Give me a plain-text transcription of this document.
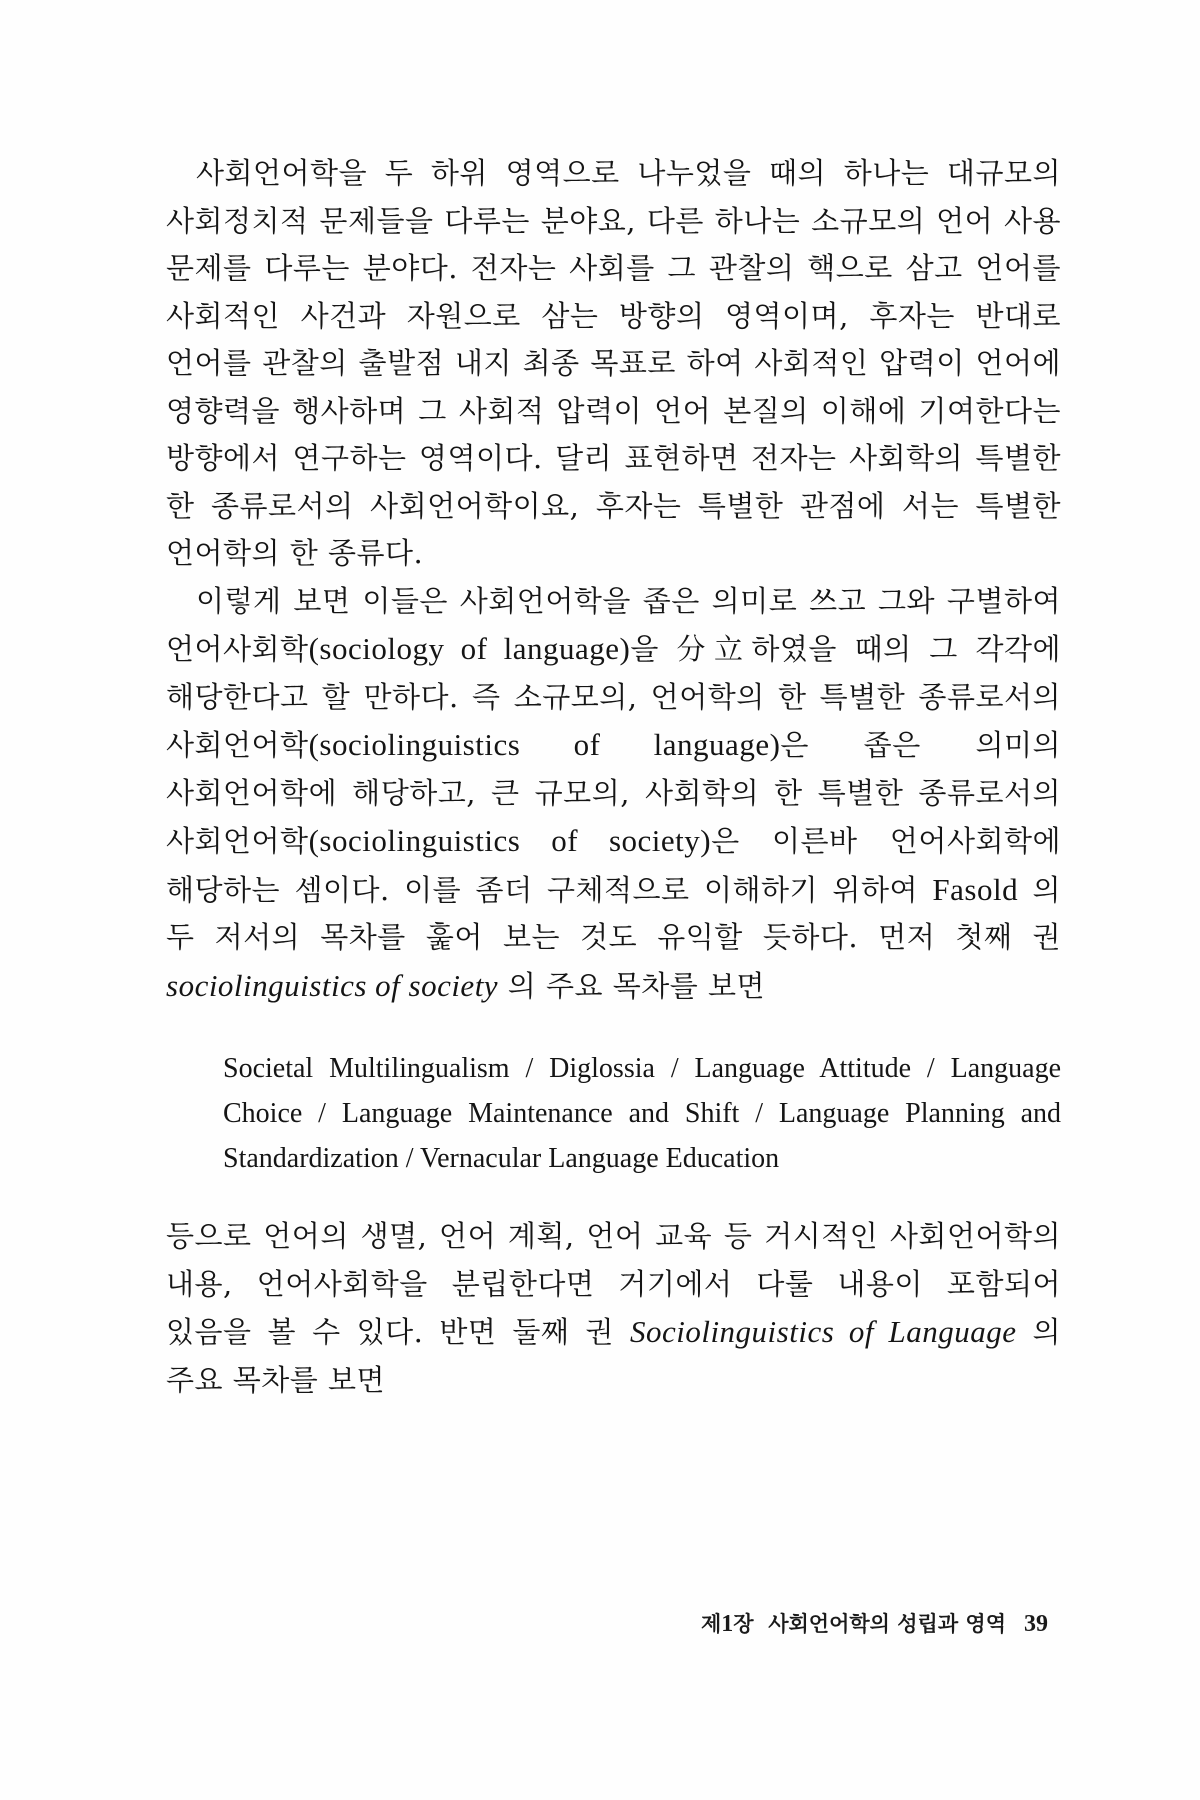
사회언어학을 두 하위 영역으로 나누었을 때의 하나는 대규모의 사회정치적 문제들을 다루는 분야요, 다른 하나는 소규모의 언어 사용 문제를 다루는 분야다. 전자는 사회를 그 관찰의 핵으로 삼고 언어를 사회적인 사건과 자원으로 삼는 방향의 영역이며, 후자는 반대로 언어를 관찰의 출발점 내지 최종 목표로 하여 사회적인 압력이 언어에 영향력을 행사하며 그 사회적 압력이 언어 본질의 이해에 기여한다는 방향에서 연구하는 영역이다. 달리 표현하면 전자는 사회학의 특별한 한 종류로서의 사회언어학이요, 후자는 특별한 관점에 서는 특별한 언어학의 한 종류다.

이렇게 보면 이들은 사회언어학을 좁은 의미로 쓰고 그와 구별하여 언어사회학(sociology of language)을 分立하였을 때의 그 각각에 해당한다고 할 만하다. 즉 소규모의, 언어학의 한 특별한 종류로서의 사회언어학(sociolinguistics of language)은 좁은 의미의 사회언어학에 해당하고, 큰 규모의, 사회학의 한 특별한 종류로서의 사회언어학(sociolinguistics of society)은 이른바 언어사회학에 해당하는 셈이다. 이를 좀더 구체적으로 이해하기 위하여 Fasold 의 두 저서의 목차를 훑어 보는 것도 유익할 듯하다. 먼저 첫째 권 sociolinguistics of society 의 주요 목차를 보면

Societal Multilingualism / Diglossia / Language Attitude / Language Choice / Language Maintenance and Shift / Language Planning and Standardization / Vernacular Language Education

등으로 언어의 생멸, 언어 계획, 언어 교육 등 거시적인 사회언어학의 내용, 언어사회학을 분립한다면 거기에서 다룰 내용이 포함되어 있음을 볼 수 있다. 반면 둘째 권 Sociolinguistics of Language 의 주요 목차를 보면

제1장 사회언어학의 성립과 영역 39
